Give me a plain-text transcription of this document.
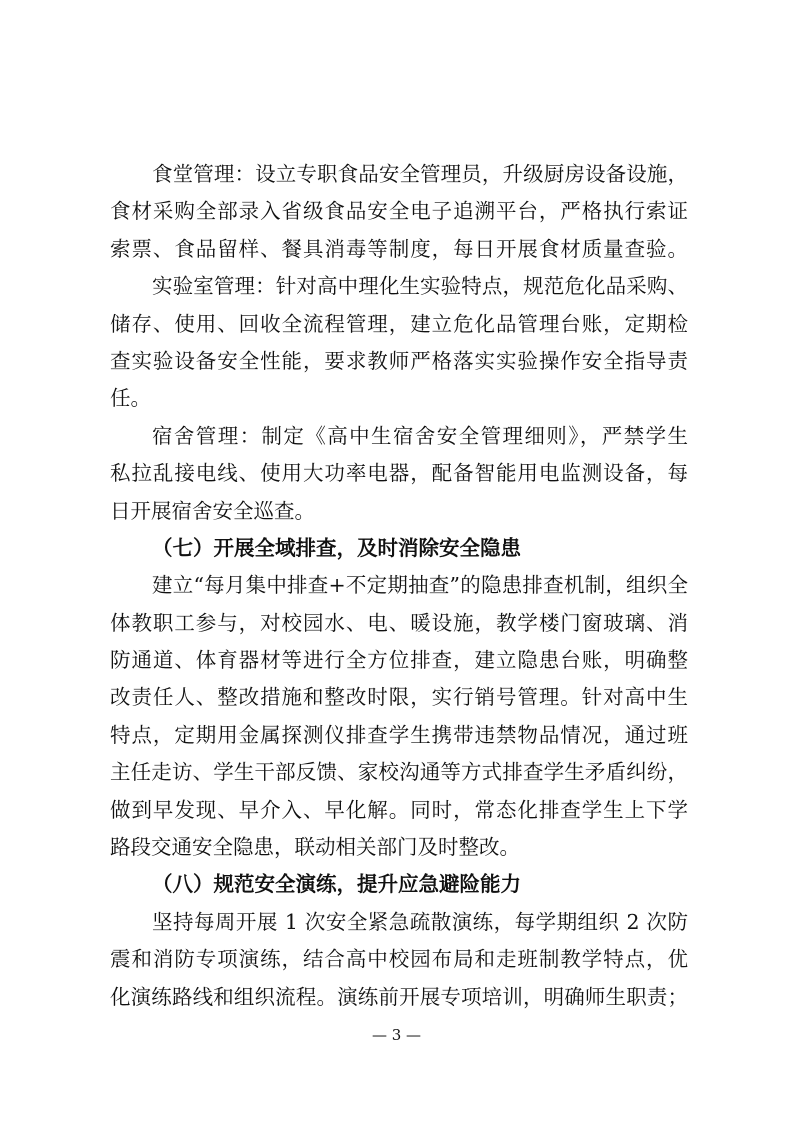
食堂管理：设立专职食品安全管理员，升级厨房设备设施，
食材采购全部录入省级食品安全电子追溯平台，严格执行索证
索票、食品留样、餐具消毒等制度，每日开展食材质量查验。
实验室管理：针对高中理化生实验特点，规范危化品采购、
储存、使用、回收全流程管理，建立危化品管理台账，定期检
查实验设备安全性能，要求教师严格落实实验操作安全指导责
任。
宿舍管理：制定《高中生宿舍安全管理细则》，严禁学生
私拉乱接电线、使用大功率电器，配备智能用电监测设备，每
日开展宿舍安全巡查。
（七）开展全域排查，及时消除安全隐患
建立“每月集中排查+不定期抽查”的隐患排查机制，组织全
体教职工参与，对校园水、电、暖设施，教学楼门窗玻璃、消
防通道、体育器材等进行全方位排查，建立隐患台账，明确整
改责任人、整改措施和整改时限，实行销号管理。针对高中生
特点，定期用金属探测仪排查学生携带违禁物品情况，通过班
主任走访、学生干部反馈、家校沟通等方式排查学生矛盾纠纷，
做到早发现、早介入、早化解。同时，常态化排查学生上下学
路段交通安全隐患，联动相关部门及时整改。
（八）规范安全演练，提升应急避险能力
坚持每周开展 1 次安全紧急疏散演练，每学期组织 2 次防
震和消防专项演练，结合高中校园布局和走班制教学特点，优
化演练路线和组织流程。演练前开展专项培训，明确师生职责；
— 3 —
